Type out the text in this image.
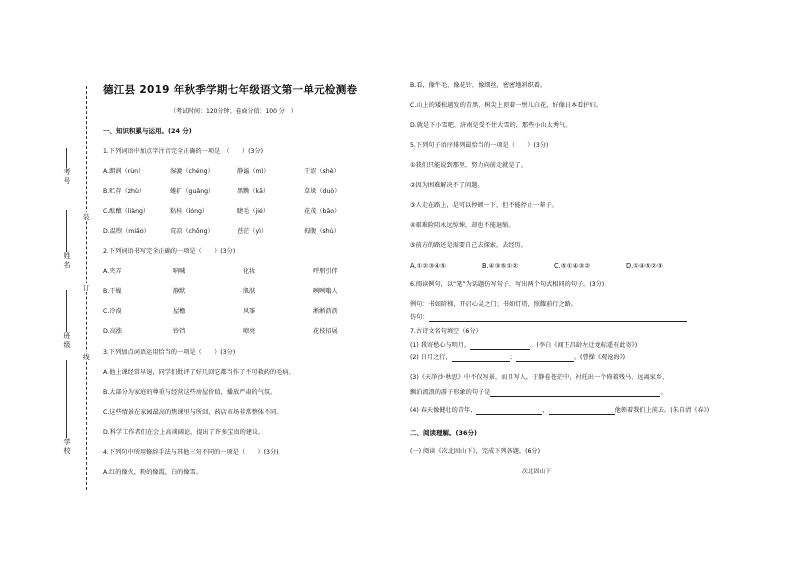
考号
姓名
班级
学校
装
订
线
德江县 2019 年秋季学期七年级语文第一单元检测卷
（考试时间：120分钟；卷面分值：100 分　）
一、知识积累与运用。(24 分)
1.下列词语中加点字注音完全正确的一项是　（　　）(3分)
A.朗润（rùn）	湿漉（chéng）	静谧（mì）	干涩（shè）
B.贮存（zhù）	蜷扩（guǎng）	黑黝（kā）	草垛（duò）
C.酝酿（liàng）	粘桂（lóng）	睫毛（jié）	花茂（bāo）
D.温煦（miǎo）	荒凉（chōng）	苍茫（yì）	拇腹（shù）
2.下列词语书写完全正确的一项是（　　）(3分)
A.夹弄	呐喊	化妆	呼朋引伴
B.干燥	静默	肌肤	咧咧嗡人
C.冷漠	屋檐	风筝	淅淅沥沥
D.高涨	铃铛	嘹亮	花枝招展
3.下列加点词语运用恰当的一项是（　　）(3分)
A.他上课经常早退，同学们批评了好几回它都当作了不可救药的毛病。
B.大部分为家庭的尊重与经营这些房屋价值，播放严肃的气氛。
C.这些情景在家园最高的焦课里与所回，药店市场非常整体不同。
D.科学工作者们在会上高谈阔论，提出了许多宝贵的建议。
4.下列句中所用修辞手法与其他三句不同的一项是（　　）(3分)
A.红的像火，粉的像霞，白的像雪。
B.看，像牛毛，像花针，像细丝，密密地斜织着。
C.山上的矮松越发的青黑，树尖上顶着一髻儿白花，好像日本看护妇。
D.就是下小雪吧，济南是受不住大雪的，那些小山太秀气。
5.下列句子语序排列最恰当的一项是（　　）(3分)
①我们只能说到那里，努力向前走就是了。
②因为困难解决不了问题。
③人走在路上，是可以停顿一下，但不能停止一辈子。
④艰难险阻永远惊悚，却也不能退缩。
⑤前方的路还是需要自己去探索，去经历。
A.①②③④⑤	B.④③⑤①②	C.⑤①④③②	D.①④⑤②③
6.阅读例句，以“笔”为话题仿写句子，写出两个句式相同的句子。(3分)
例句：书如阶梯，开启心灵之门；书如灯塔，照耀前行之路。
仿句：
7.古诗文名句填空（6分）
(1) 我寄愁心与明月，	。(李白《闻王昌龄左迁龙标遥有此寄》)
(2) 日月之行，	；	。(曹操《观沧海》)
(3)《天净沙·秋思》中不仅写景，而且写人，于静卷苍茫中，衬托出一个倚着残马、远离家乡、
飘泊流浪的游子形象的句子是	。
(4) 春天像健壮的青年，	，	他领着我们上前去。(朱自清《春》)
二、阅读理解。(36分)
(一) 阅读《次北固山下》，完成下列各题。(6分)
次北固山下
